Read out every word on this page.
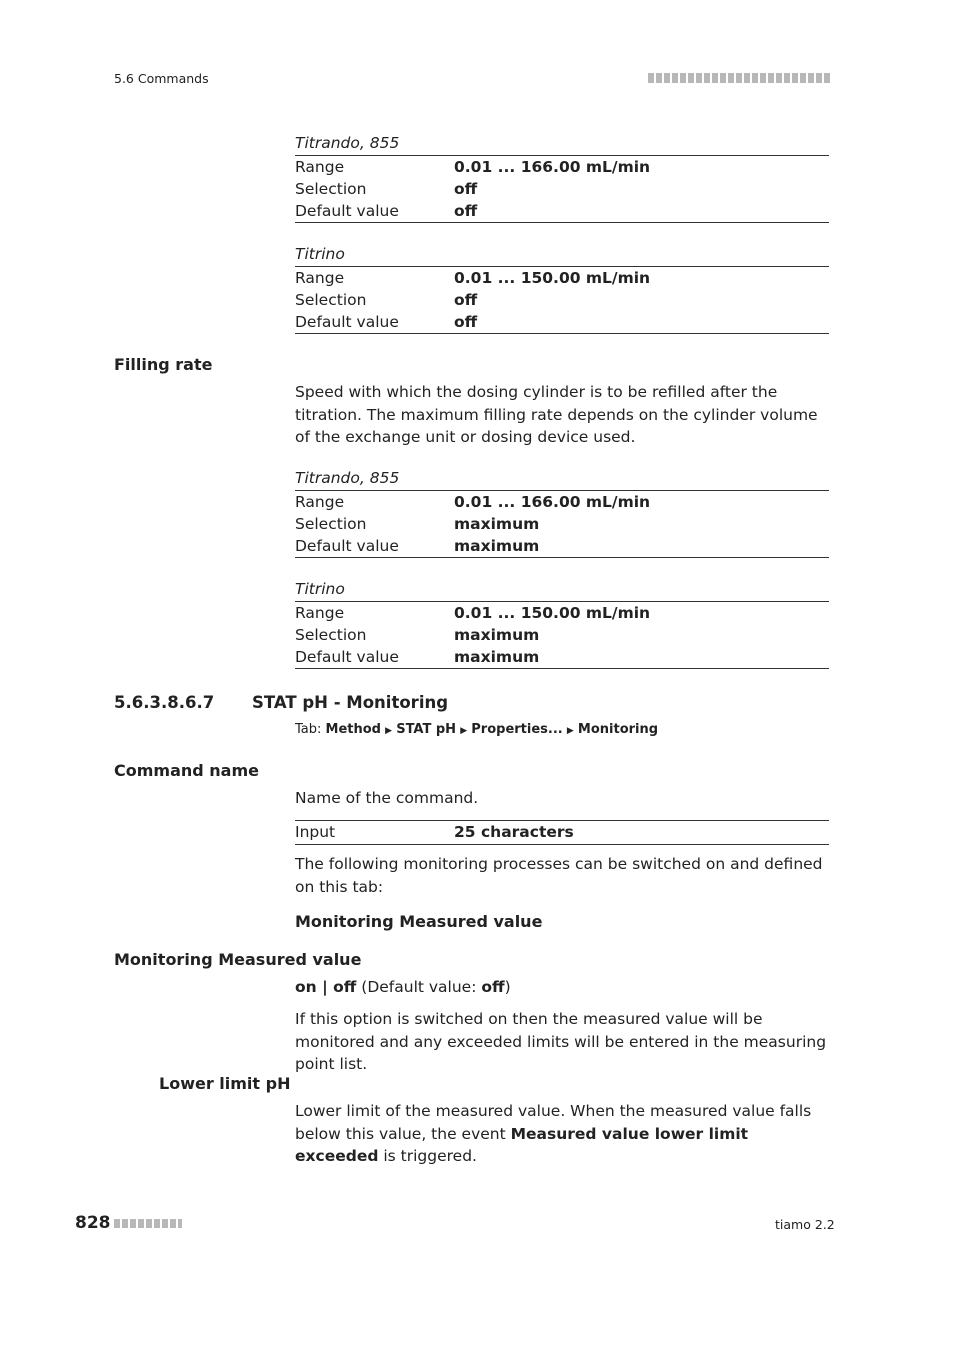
5.6 Commands
Titrando, 855
Range	0.01 ... 166.00 mL/min
Selection	off
Default value	off
Titrino
Range	0.01 ... 150.00 mL/min
Selection	off
Default value	off
Filling rate
Speed with which the dosing cylinder is to be refilled after the titration. The maximum filling rate depends on the cylinder volume of the exchange unit or dosing device used.
Titrando, 855
Range	0.01 ... 166.00 mL/min
Selection	maximum
Default value	maximum
Titrino
Range	0.01 ... 150.00 mL/min
Selection	maximum
Default value	maximum
5.6.3.8.6.7 STAT pH - Monitoring
Tab: Method ▶ STAT pH ▶ Properties... ▶ Monitoring
Command name
Name of the command.
Input	25 characters
The following monitoring processes can be switched on and defined on this tab:
Monitoring Measured value
Monitoring Measured value
on | off (Default value: off)
If this option is switched on then the measured value will be monitored and any exceeded limits will be entered in the measuring point list.
Lower limit pH
Lower limit of the measured value. When the measured value falls below this value, the event Measured value lower limit exceeded is triggered.
828	tiamo 2.2
